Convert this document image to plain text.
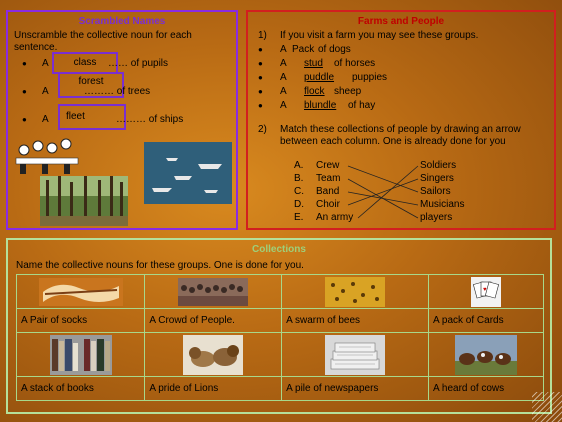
Scrambled Names
Unscramble the collective noun for each
sentence.
● A	class	…… of pupils
● A
forest
……… of trees
● A	fleet	……… of ships
Farms and People
1) If you visit a farm you may see these groups.
● A Pack of dogs
● A stud of horses
● A puddle puppies
● A flock sheep
● A blundle of hay
2) Match these collections of people by drawing an arrow
between each column. One is already done for you
A. Crew
B. Team
C. Band
D. Choir
E. An army
Soldiers
Singers
Sailors
Musicians
players
Collections
Name the collective nouns for these groups. One is done for you.

♥

A Pair of socks	A Crowd of People.	A swarm of bees	A pack of Cards

A stack of books	A pride of Lions	A pile of newspapers	A heard of cows
